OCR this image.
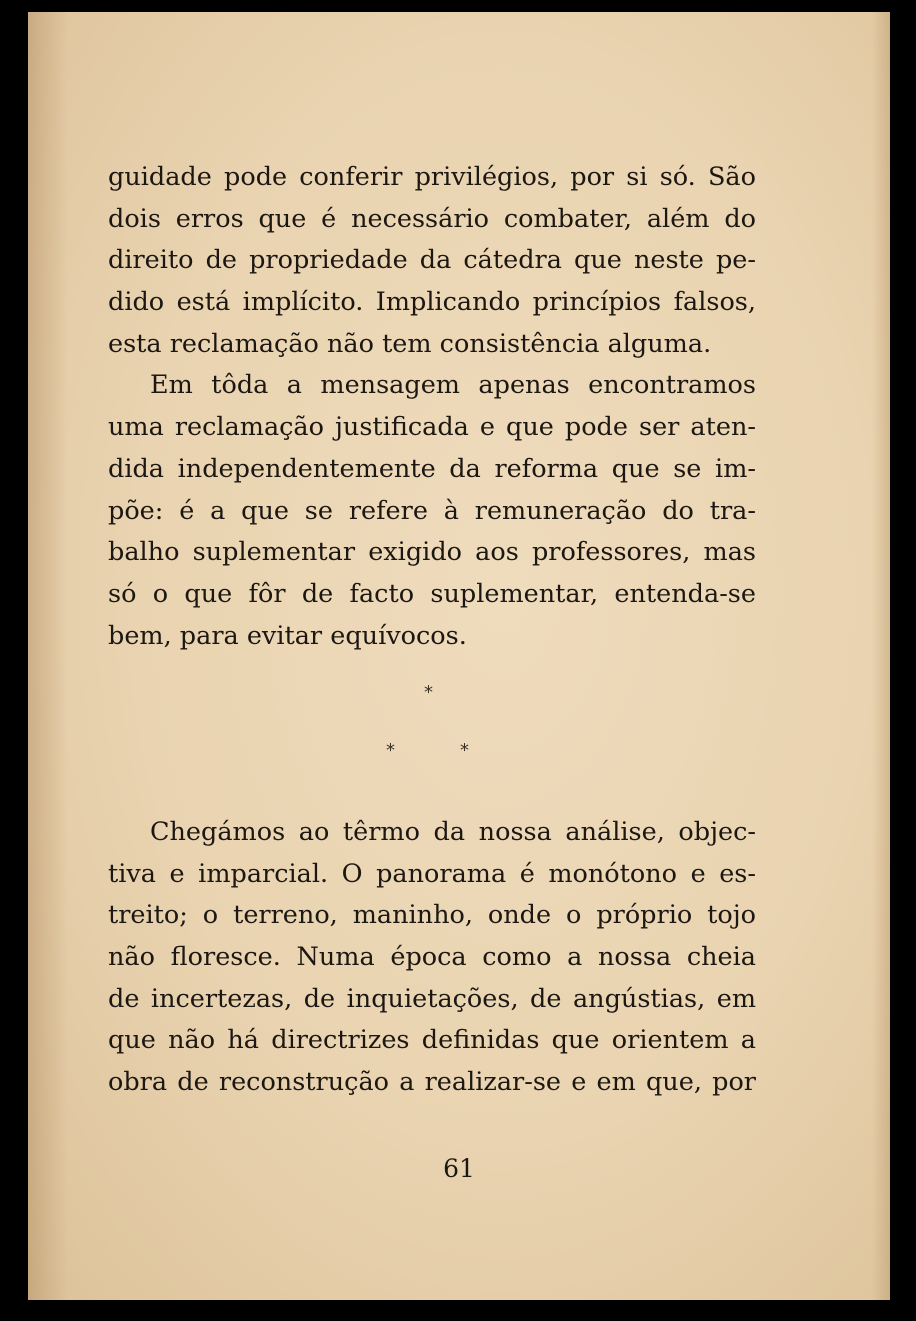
guidade pode conferir privilégios, por si só. São
dois erros que é necessário combater, além do
direito de propriedade da cátedra que neste pe-
dido está implícito. Implicando princípios falsos,
esta reclamação não tem consistência alguma.
Em tôda a mensagem apenas encontramos
uma reclamação justificada e que pode ser aten-
dida independentemente da reforma que se im-
põe: é a que se refere à remuneração do tra-
balho suplementar exigido aos professores, mas
só o que fôr de facto suplementar, entenda-se
bem, para evitar equívocos.
*
*	*
Chegámos ao têrmo da nossa análise, objec-
tiva e imparcial. O panorama é monótono e es-
treito; o terreno, maninho, onde o próprio tojo
não floresce. Numa época como a nossa cheia
de incertezas, de inquietações, de angústias, em
que não há directrizes definidas que orientem a
obra de reconstrução a realizar-se e em que, por
61
